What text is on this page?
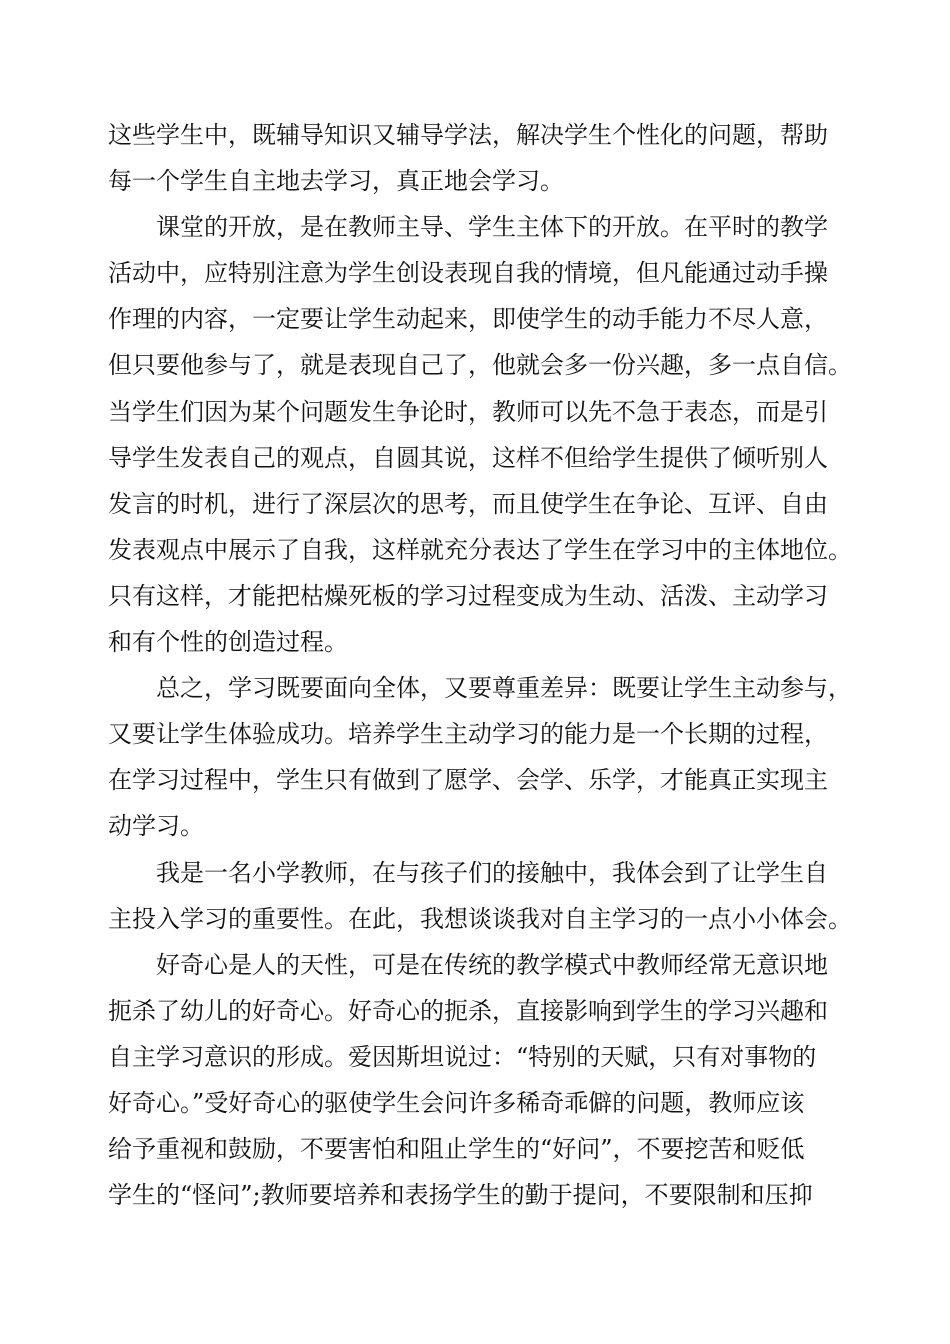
这些学生中，既辅导知识又辅导学法，解决学生个性化的问题，帮助
每一个学生自主地去学习，真正地会学习。
课堂的开放，是在教师主导、学生主体下的开放。在平时的教学
活动中，应特别注意为学生创设表现自我的情境，但凡能通过动手操
作理的内容，一定要让学生动起来，即使学生的动手能力不尽人意，
但只要他参与了，就是表现自己了，他就会多一份兴趣，多一点自信。
当学生们因为某个问题发生争论时，教师可以先不急于表态，而是引
导学生发表自己的观点，自圆其说，这样不但给学生提供了倾听别人
发言的时机，进行了深层次的思考，而且使学生在争论、互评、自由
发表观点中展示了自我，这样就充分表达了学生在学习中的主体地位。
只有这样，才能把枯燥死板的学习过程变成为生动、活泼、主动学习
和有个性的创造过程。
总之，学习既要面向全体，又要尊重差异：既要让学生主动参与，
又要让学生体验成功。培养学生主动学习的能力是一个长期的过程，
在学习过程中，学生只有做到了愿学、会学、乐学，才能真正实现主
动学习。
我是一名小学教师，在与孩子们的接触中，我体会到了让学生自
主投入学习的重要性。在此，我想谈谈我对自主学习的一点小小体会。
好奇心是人的天性，可是在传统的教学模式中教师经常无意识地
扼杀了幼儿的好奇心。好奇心的扼杀，直接影响到学生的学习兴趣和
自主学习意识的形成。爱因斯坦说过：“特别的天赋，只有对事物的
好奇心。”受好奇心的驱使学生会问许多稀奇乖僻的问题，教师应该
给予重视和鼓励，不要害怕和阻止学生的“好问”，不要挖苦和贬低
学生的“怪问”;教师要培养和表扬学生的勤于提问，不要限制和压抑
